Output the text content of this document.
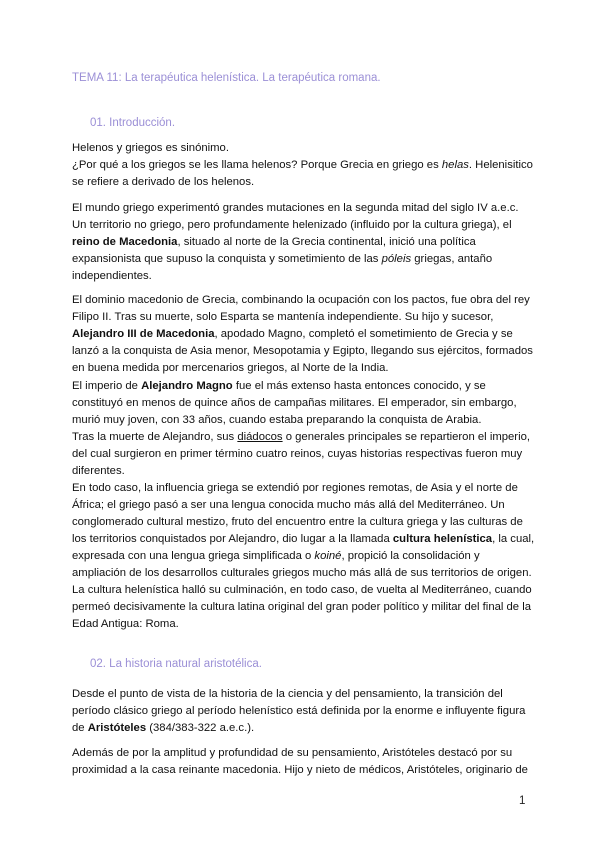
TEMA 11: La terapéutica helenística. La terapéutica romana.
01. Introducción.

Helenos y griegos es sinónimo.
¿Por qué a los griegos se les llama helenos? Porque Grecia en griego es helas. Helenisitico
se refiere a derivado de los helenos.

El mundo griego experimentó grandes mutaciones en la segunda mitad del siglo IV a.e.c.
Un territorio no griego, pero profundamente helenizado (influido por la cultura griega), el
reino de Macedonia, situado al norte de la Grecia continental, inició una política
expansionista que supuso la conquista y sometimiento de las póleis griegas, antaño
independientes.

El dominio macedonio de Grecia, combinando la ocupación con los pactos, fue obra del rey
Filipo II. Tras su muerte, solo Esparta se mantenía independiente. Su hijo y sucesor,
Alejandro III de Macedonia, apodado Magno, completó el sometimiento de Grecia y se
lanzó a la conquista de Asia menor, Mesopotamia y Egipto, llegando sus ejércitos, formados
en buena medida por mercenarios griegos, al Norte de la India.

El imperio de Alejandro Magno fue el más extenso hasta entonces conocido, y se
constituyó en menos de quince años de campañas militares. El emperador, sin embargo,
murió muy joven, con 33 años, cuando estaba preparando la conquista de Arabia.
Tras la muerte de Alejandro, sus diádocos o generales principales se repartieron el imperio,
del cual surgieron en primer término cuatro reinos, cuyas historias respectivas fueron muy
diferentes.

En todo caso, la influencia griega se extendió por regiones remotas, de Asia y el norte de
África; el griego pasó a ser una lengua conocida mucho más allá del Mediterráneo. Un
conglomerado cultural mestizo, fruto del encuentro entre la cultura griega y las culturas de
los territorios conquistados por Alejandro, dio lugar a la llamada cultura helenística, la cual,
expresada con una lengua griega simplificada o koiné, propició la consolidación y
ampliación de los desarrollos culturales griegos mucho más allá de sus territorios de origen.

La cultura helenística halló su culminación, en todo caso, de vuelta al Mediterráneo, cuando
permeó decisivamente la cultura latina original del gran poder político y militar del final de la
Edad Antigua: Roma.

02. La historia natural aristotélica.

Desde el punto de vista de la historia de la ciencia y del pensamiento, la transición del
período clásico griego al período helenístico está definida por la enorme e influyente figura
de Aristóteles (384/383-322 a.e.c.).

Además de por la amplitud y profundidad de su pensamiento, Aristóteles destacó por su
proximidad a la casa reinante macedonia. Hijo y nieto de médicos, Aristóteles, originario de

1
